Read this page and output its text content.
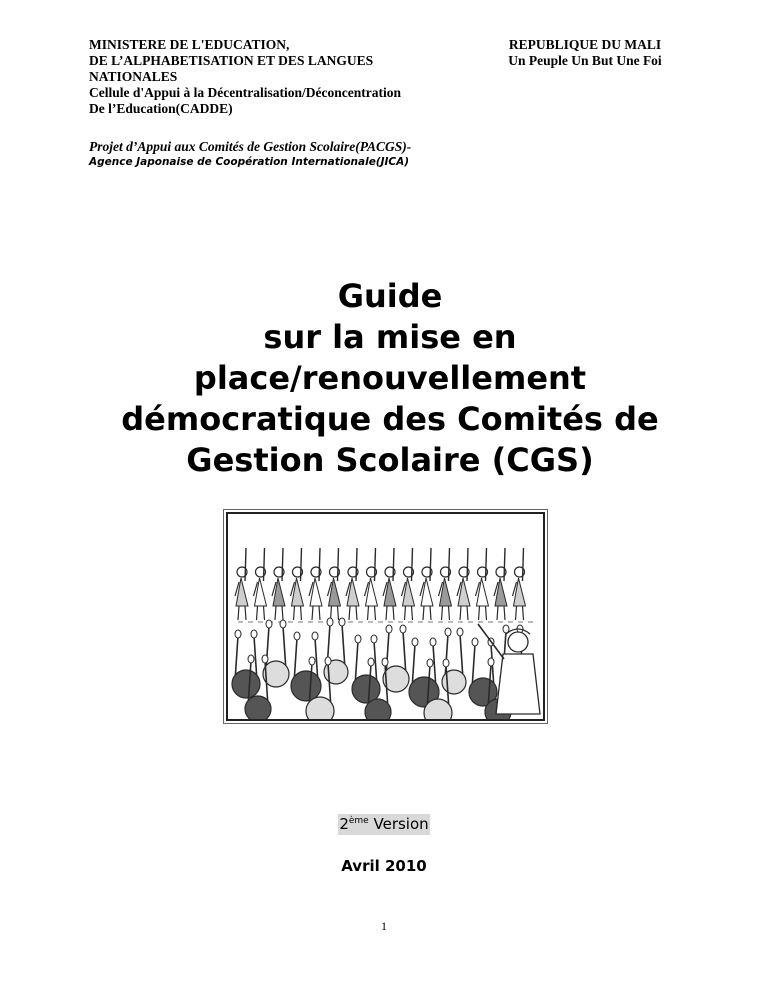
MINISTERE DE L'EDUCATION,
DE L’ALPHABETISATION ET DES LANGUES
NATIONALES
Cellule d'Appui à la Décentralisation/Déconcentration
De l’Education(CADDE)
REPUBLIQUE DU MALI
Un Peuple Un But Une Foi
Projet d’Appui aux Comités de Gestion Scolaire(PACGS)-
Agence Japonaise de Coopération Internationale(JICA)
Guide
sur la mise en
place/renouvellement
démocratique des Comités de
Gestion Scolaire (CGS)
2ème Version
Avril 2010
1
